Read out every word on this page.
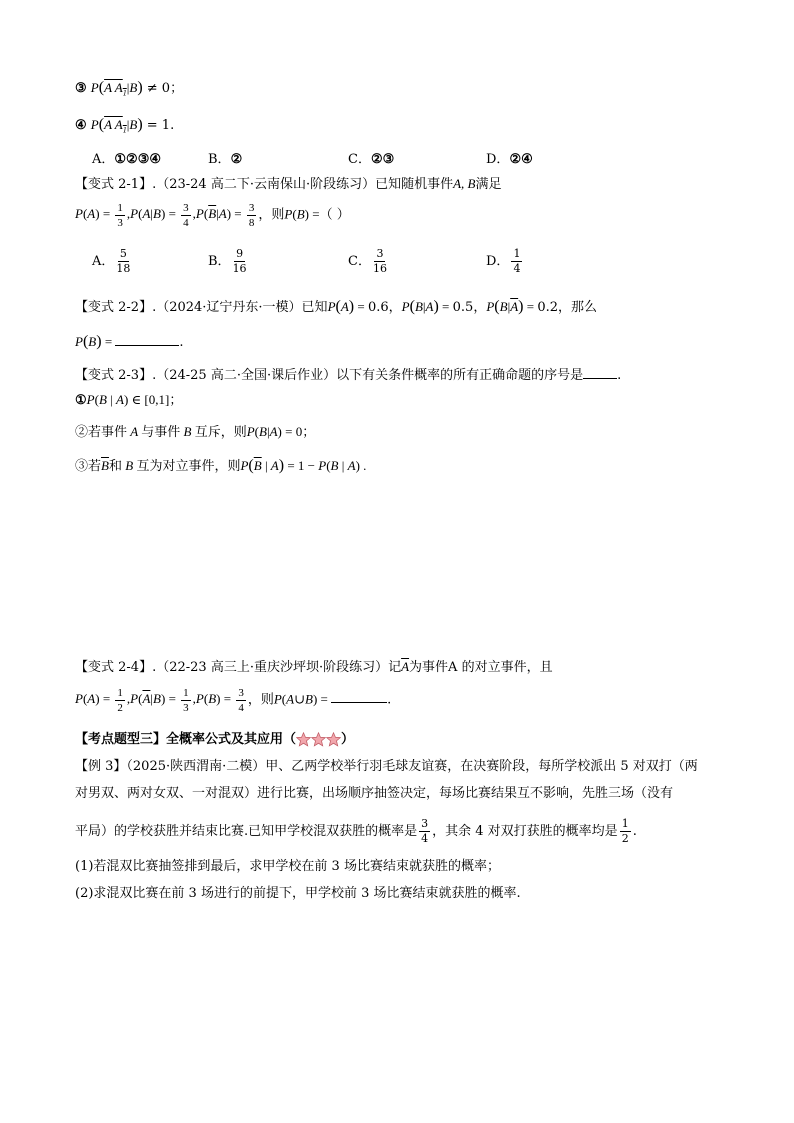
③ P(A $A_1|B) \ne 0$；
④ P(A $A_1|B) = 1$.
A．①②③④	B．②	C．②③	D．②④
【变式 2-1】.（23-24 高二下·云南保山·阶段练习）已知随机事件A, B满足
$P(A) = \frac{1}{3} ,P(A|B) = \frac{3}{4} ,P(\overline{B}|A) = \frac{3}{8}$ ，则P(B) =（ ）
A． $\frac{5}{18}$	B． $\frac{9}{16}$	C． $\frac{3}{16}$	D． $\frac{1}{4}$
【变式 2-2】.（2024·辽宁丹东·一模）已知P(A) = 0.6，P(B|A) = 0.5，$P(B|\overline{A}) = 0.2$，那么
P(B) =	.
【变式 2-3】.（24-25 高二·全国·课后作业）以下有关条件概率的所有正确命题的序号是	.
①P(B | A) ∈ [0,1]；
②若事件 A 与事件 B 互斥，则P(B|A) = 0；
③若$\overline{B}$和 B 互为对立事件，则$P(\overline{B}$ | A) = 1 − P(B | A) .
【变式 2-4】.（22-23 高三上·重庆沙坪坝·阶段练习）记$\overline{A}$为事件A 的对立事件，且
$P(A) = \frac{1}{2} ,P(\overline{A}|B) = \frac{1}{3} ,P(B) = \frac{3}{4}$ ，则P(A∪B) =	.
【考点题型三】全概率公式及其应用（	）
【例 3】（2025·陕西渭南·二模）甲、乙两学校举行羽毛球友谊赛，在决赛阶段，每所学校派出 5 对双打（两
对男双、两对女双、一对混双）进行比赛，出场顺序抽签决定，每场比赛结果互不影响，先胜三场（没有
平局）的学校获胜并结束比赛.已知甲学校混双获胜的概率是 $\frac{3}{4}$ ，其余 4 对双打获胜的概率均是 $\frac{1}{2}$ .
(1)若混双比赛抽签排到最后，求甲学校在前 3 场比赛结束就获胜的概率；
(2)求混双比赛在前 3 场进行的前提下，甲学校前 3 场比赛结束就获胜的概率.
